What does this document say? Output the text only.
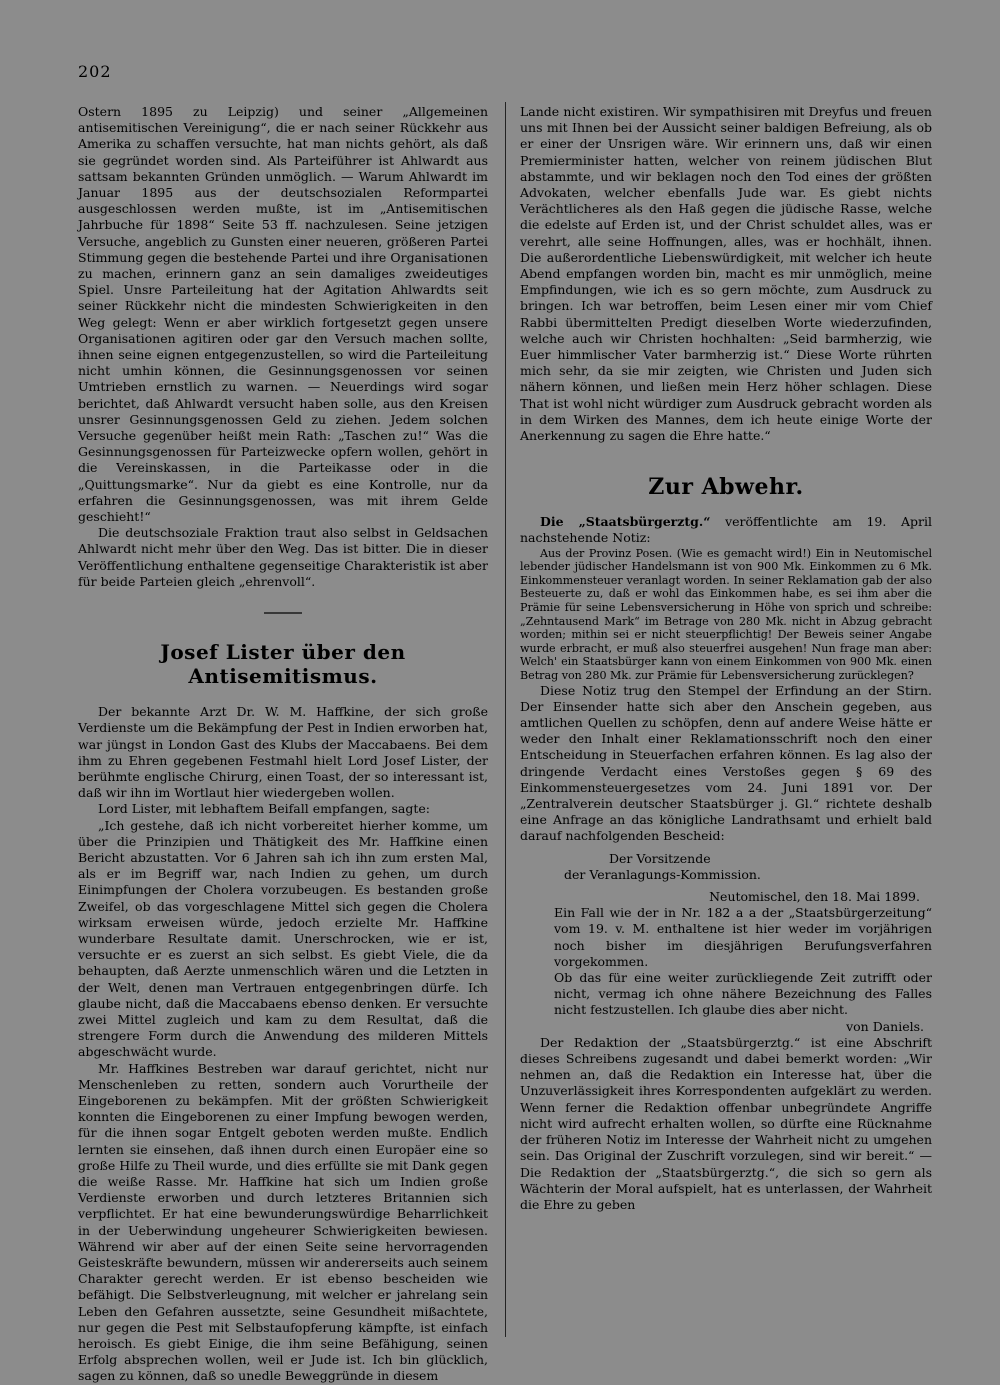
202

Ostern 1895 zu Leipzig) und seiner „Allgemeinen antisemitischen Vereinigung“, die er nach seiner Rückkehr aus Amerika zu schaffen versuchte, hat man nichts gehört, als daß sie gegründet worden sind. Als Parteiführer ist Ahlwardt aus sattsam bekannten Gründen unmöglich. — Warum Ahlwardt im Januar 1895 aus der deutschsozialen Reformpartei ausgeschlossen werden mußte, ist im „Antisemitischen Jahrbuche für 1898“ Seite 53 ff. nachzulesen. Seine jetzigen Versuche, angeblich zu Gunsten einer neueren, größeren Partei Stimmung gegen die bestehende Partei und ihre Organisationen zu machen, erinnern ganz an sein damaliges zweideutiges Spiel. Unsre Parteileitung hat der Agitation Ahlwardts seit seiner Rückkehr nicht die mindesten Schwierigkeiten in den Weg gelegt: Wenn er aber wirklich fortgesetzt gegen unsere Organisationen agitiren oder gar den Versuch machen sollte, ihnen seine eignen entgegenzustellen, so wird die Parteileitung nicht umhin können, die Gesinnungsgenossen vor seinen Umtrieben ernstlich zu warnen. — Neuerdings wird sogar berichtet, daß Ahlwardt versucht haben solle, aus den Kreisen unsrer Gesinnungsgenossen Geld zu ziehen. Jedem solchen Versuche gegenüber heißt mein Rath: „Taschen zu!“ Was die Gesinnungsgenossen für Parteizwecke opfern wollen, gehört in die Vereinskassen, in die Parteikasse oder in die „Quittungsmarke“. Nur da giebt es eine Kontrolle, nur da erfahren die Gesinnungsgenossen, was mit ihrem Gelde geschieht!“

Die deutschsoziale Fraktion traut also selbst in Geldsachen Ahlwardt nicht mehr über den Weg. Das ist bitter. Die in dieser Veröffentlichung enthaltene gegenseitige Charakteristik ist aber für beide Parteien gleich „ehrenvoll“.

Josef Lister über den Antisemitismus.

Der bekannte Arzt Dr. W. M. Haffkine, der sich große Verdienste um die Bekämpfung der Pest in Indien erworben hat, war jüngst in London Gast des Klubs der Maccabaens. Bei dem ihm zu Ehren gegebenen Festmahl hielt Lord Josef Lister, der berühmte englische Chirurg, einen Toast, der so interessant ist, daß wir ihn im Wortlaut hier wiedergeben wollen.

Lord Lister, mit lebhaftem Beifall empfangen, sagte:

„Ich gestehe, daß ich nicht vorbereitet hierher komme, um über die Prinzipien und Thätigkeit des Mr. Haffkine einen Bericht abzustatten. Vor 6 Jahren sah ich ihn zum ersten Mal, als er im Begriff war, nach Indien zu gehen, um durch Einimpfungen der Cholera vorzubeugen. Es bestanden große Zweifel, ob das vorgeschlagene Mittel sich gegen die Cholera wirksam erweisen würde, jedoch erzielte Mr. Haffkine wunderbare Resultate damit. Unerschrocken, wie er ist, versuchte er es zuerst an sich selbst. Es giebt Viele, die da behaupten, daß Aerzte unmenschlich wären und die Letzten in der Welt, denen man Vertrauen entgegenbringen dürfe. Ich glaube nicht, daß die Maccabaens ebenso denken. Er versuchte zwei Mittel zugleich und kam zu dem Resultat, daß die strengere Form durch die Anwendung des milderen Mittels abgeschwächt wurde.

Mr. Haffkines Bestreben war darauf gerichtet, nicht nur Menschenleben zu retten, sondern auch Vorurtheile der Eingeborenen zu bekämpfen. Mit der größten Schwierigkeit konnten die Eingeborenen zu einer Impfung bewogen werden, für die ihnen sogar Entgelt geboten werden mußte. Endlich lernten sie einsehen, daß ihnen durch einen Europäer eine so große Hilfe zu Theil wurde, und dies erfüllte sie mit Dank gegen die weiße Rasse. Mr. Haffkine hat sich um Indien große Verdienste erworben und durch letzteres Britannien sich verpflichtet. Er hat eine bewunderungswürdige Beharrlichkeit in der Ueberwindung ungeheurer Schwierigkeiten bewiesen. Während wir aber auf der einen Seite seine hervorragenden Geisteskräfte bewundern, müssen wir andererseits auch seinem Charakter gerecht werden. Er ist ebenso bescheiden wie befähigt. Die Selbstverleugnung, mit welcher er jahrelang sein Leben den Gefahren aussetzte, seine Gesundheit mißachtete, nur gegen die Pest mit Selbstaufopferung kämpfte, ist einfach heroisch. Es giebt Einige, die ihm seine Befähigung, seinen Erfolg absprechen wollen, weil er Jude ist. Ich bin glücklich, sagen zu können, daß so unedle Beweggründe in diesem

Lande nicht existiren. Wir sympathisiren mit Dreyfus und freuen uns mit Ihnen bei der Aussicht seiner baldigen Befreiung, als ob er einer der Unsrigen wäre. Wir erinnern uns, daß wir einen Premierminister hatten, welcher von reinem jüdischen Blut abstammte, und wir beklagen noch den Tod eines der größten Advokaten, welcher ebenfalls Jude war. Es giebt nichts Verächtlicheres als den Haß gegen die jüdische Rasse, welche die edelste auf Erden ist, und der Christ schuldet alles, was er verehrt, alle seine Hoffnungen, alles, was er hochhält, ihnen. Die außerordentliche Liebenswürdigkeit, mit welcher ich heute Abend empfangen worden bin, macht es mir unmöglich, meine Empfindungen, wie ich es so gern möchte, zum Ausdruck zu bringen. Ich war betroffen, beim Lesen einer mir vom Chief Rabbi übermittelten Predigt dieselben Worte wiederzufinden, welche auch wir Christen hochhalten: „Seid barmherzig, wie Euer himmlischer Vater barmherzig ist.“ Diese Worte rührten mich sehr, da sie mir zeigten, wie Christen und Juden sich nähern können, und ließen mein Herz höher schlagen. Diese That ist wohl nicht würdiger zum Ausdruck gebracht worden als in dem Wirken des Mannes, dem ich heute einige Worte der Anerkennung zu sagen die Ehre hatte.“

Zur Abwehr.

Die „Staatsbürgerztg.“ veröffentlichte am 19. April nachstehende Notiz:

Aus der Provinz Posen. (Wie es gemacht wird!) Ein in Neutomischel lebender jüdischer Handelsmann ist von 900 Mk. Einkommen zu 6 Mk. Einkommensteuer veranlagt worden. In seiner Reklamation gab der also Besteuerte zu, daß er wohl das Einkommen habe, es sei ihm aber die Prämie für seine Lebensversicherung in Höhe von sprich und schreibe: „Zehntausend Mark“ im Betrage von 280 Mk. nicht in Abzug gebracht worden; mithin sei er nicht steuerpflichtig! Der Beweis seiner Angabe wurde erbracht, er muß also steuerfrei ausgehen! Nun frage man aber: Welch' ein Staatsbürger kann von einem Einkommen von 900 Mk. einen Betrag von 280 Mk. zur Prämie für Lebensversicherung zurücklegen?

Diese Notiz trug den Stempel der Erfindung an der Stirn. Der Einsender hatte sich aber den Anschein gegeben, aus amtlichen Quellen zu schöpfen, denn auf andere Weise hätte er weder den Inhalt einer Reklamationsschrift noch den einer Entscheidung in Steuerfachen erfahren können. Es lag also der dringende Verdacht eines Verstoßes gegen § 69 des Einkommensteuergesetzes vom 24. Juni 1891 vor. Der „Zentralverein deutscher Staatsbürger j. Gl.“ richtete deshalb eine Anfrage an das königliche Landrathsamt und erhielt bald darauf nachfolgenden Bescheid:

Der Vorsitzende
der Veranlagungs-Kommission.

Neutomischel, den 18. Mai 1899.

Ein Fall wie der in Nr. 182 a a der „Staatsbürgerzeitung“ vom 19. v. M. enthaltene ist hier weder im vorjährigen noch bisher im diesjährigen Berufungsverfahren vorgekommen.

Ob das für eine weiter zurückliegende Zeit zutrifft oder nicht, vermag ich ohne nähere Bezeichnung des Falles nicht festzustellen. Ich glaube dies aber nicht.

von Daniels.

Der Redaktion der „Staatsbürgerztg.“ ist eine Abschrift dieses Schreibens zugesandt und dabei bemerkt worden: „Wir nehmen an, daß die Redaktion ein Interesse hat, über die Unzuverlässigkeit ihres Korrespondenten aufgeklärt zu werden. Wenn ferner die Redaktion offenbar unbegründete Angriffe nicht wird aufrecht erhalten wollen, so dürfte eine Rücknahme der früheren Notiz im Interesse der Wahrheit nicht zu umgehen sein. Das Original der Zuschrift vorzulegen, sind wir bereit.“ — Die Redaktion der „Staatsbürgerztg.“, die sich so gern als Wächterin der Moral aufspielt, hat es unterlassen, der Wahrheit die Ehre zu geben
